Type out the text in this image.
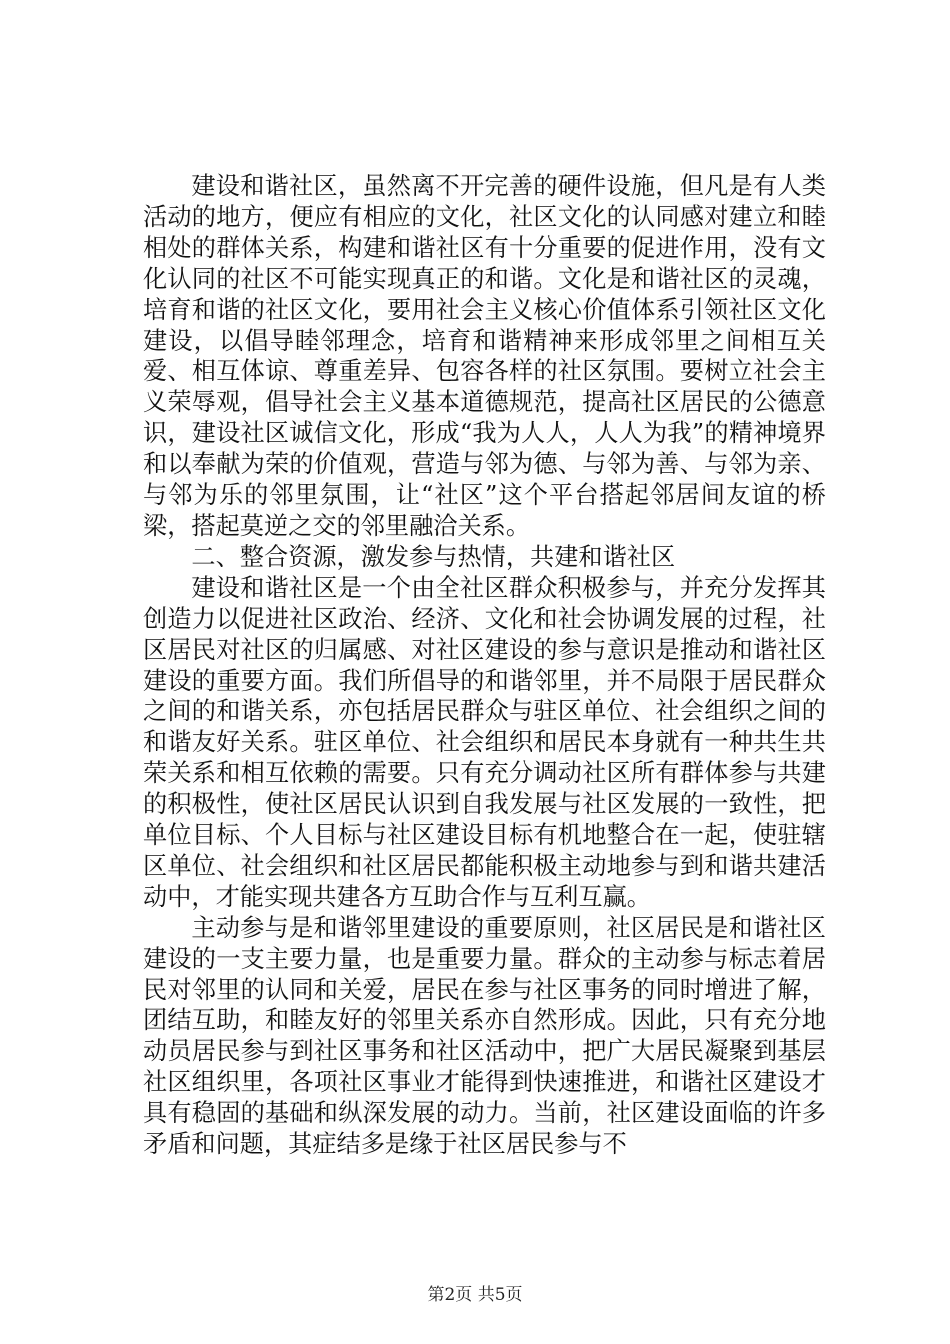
建设和谐社区，虽然离不开完善的硬件设施，但凡是有人类活动的地方，便应有相应的文化，社区文化的认同感对建立和睦相处的群体关系，构建和谐社区有十分重要的促进作用，没有文化认同的社区不可能实现真正的和谐。文化是和谐社区的灵魂，培育和谐的社区文化，要用社会主义核心价值体系引领社区文化建设，以倡导睦邻理念，培育和谐精神来形成邻里之间相互关爱、相互体谅、尊重差异、包容各样的社区氛围。要树立社会主义荣辱观，倡导社会主义基本道德规范，提高社区居民的公德意识，建设社区诚信文化，形成“我为人人，人人为我”的精神境界和以奉献为荣的价值观，营造与邻为德、与邻为善、与邻为亲、与邻为乐的邻里氛围，让“社区”这个平台搭起邻居间友谊的桥梁，搭起莫逆之交的邻里融洽关系。

二、整合资源，激发参与热情，共建和谐社区

建设和谐社区是一个由全社区群众积极参与，并充分发挥其创造力以促进社区政治、经济、文化和社会协调发展的过程，社区居民对社区的归属感、对社区建设的参与意识是推动和谐社区建设的重要方面。我们所倡导的和谐邻里，并不局限于居民群众之间的和谐关系，亦包括居民群众与驻区单位、社会组织之间的和谐友好关系。驻区单位、社会组织和居民本身就有一种共生共荣关系和相互依赖的需要。只有充分调动社区所有群体参与共建的积极性，使社区居民认识到自我发展与社区发展的一致性，把单位目标、个人目标与社区建设目标有机地整合在一起，使驻辖区单位、社会组织和社区居民都能积极主动地参与到和谐共建活动中，才能实现共建各方互助合作与互利互赢。

主动参与是和谐邻里建设的重要原则，社区居民是和谐社区建设的一支主要力量，也是重要力量。群众的主动参与标志着居民对邻里的认同和关爱，居民在参与社区事务的同时增进了解，团结互助，和睦友好的邻里关系亦自然形成。因此，只有充分地动员居民参与到社区事务和社区活动中，把广大居民凝聚到基层社区组织里，各项社区事业才能得到快速推进，和谐社区建设才具有稳固的基础和纵深发展的动力。当前，社区建设面临的许多矛盾和问题，其症结多是缘于社区居民参与不

第2页 共5页
